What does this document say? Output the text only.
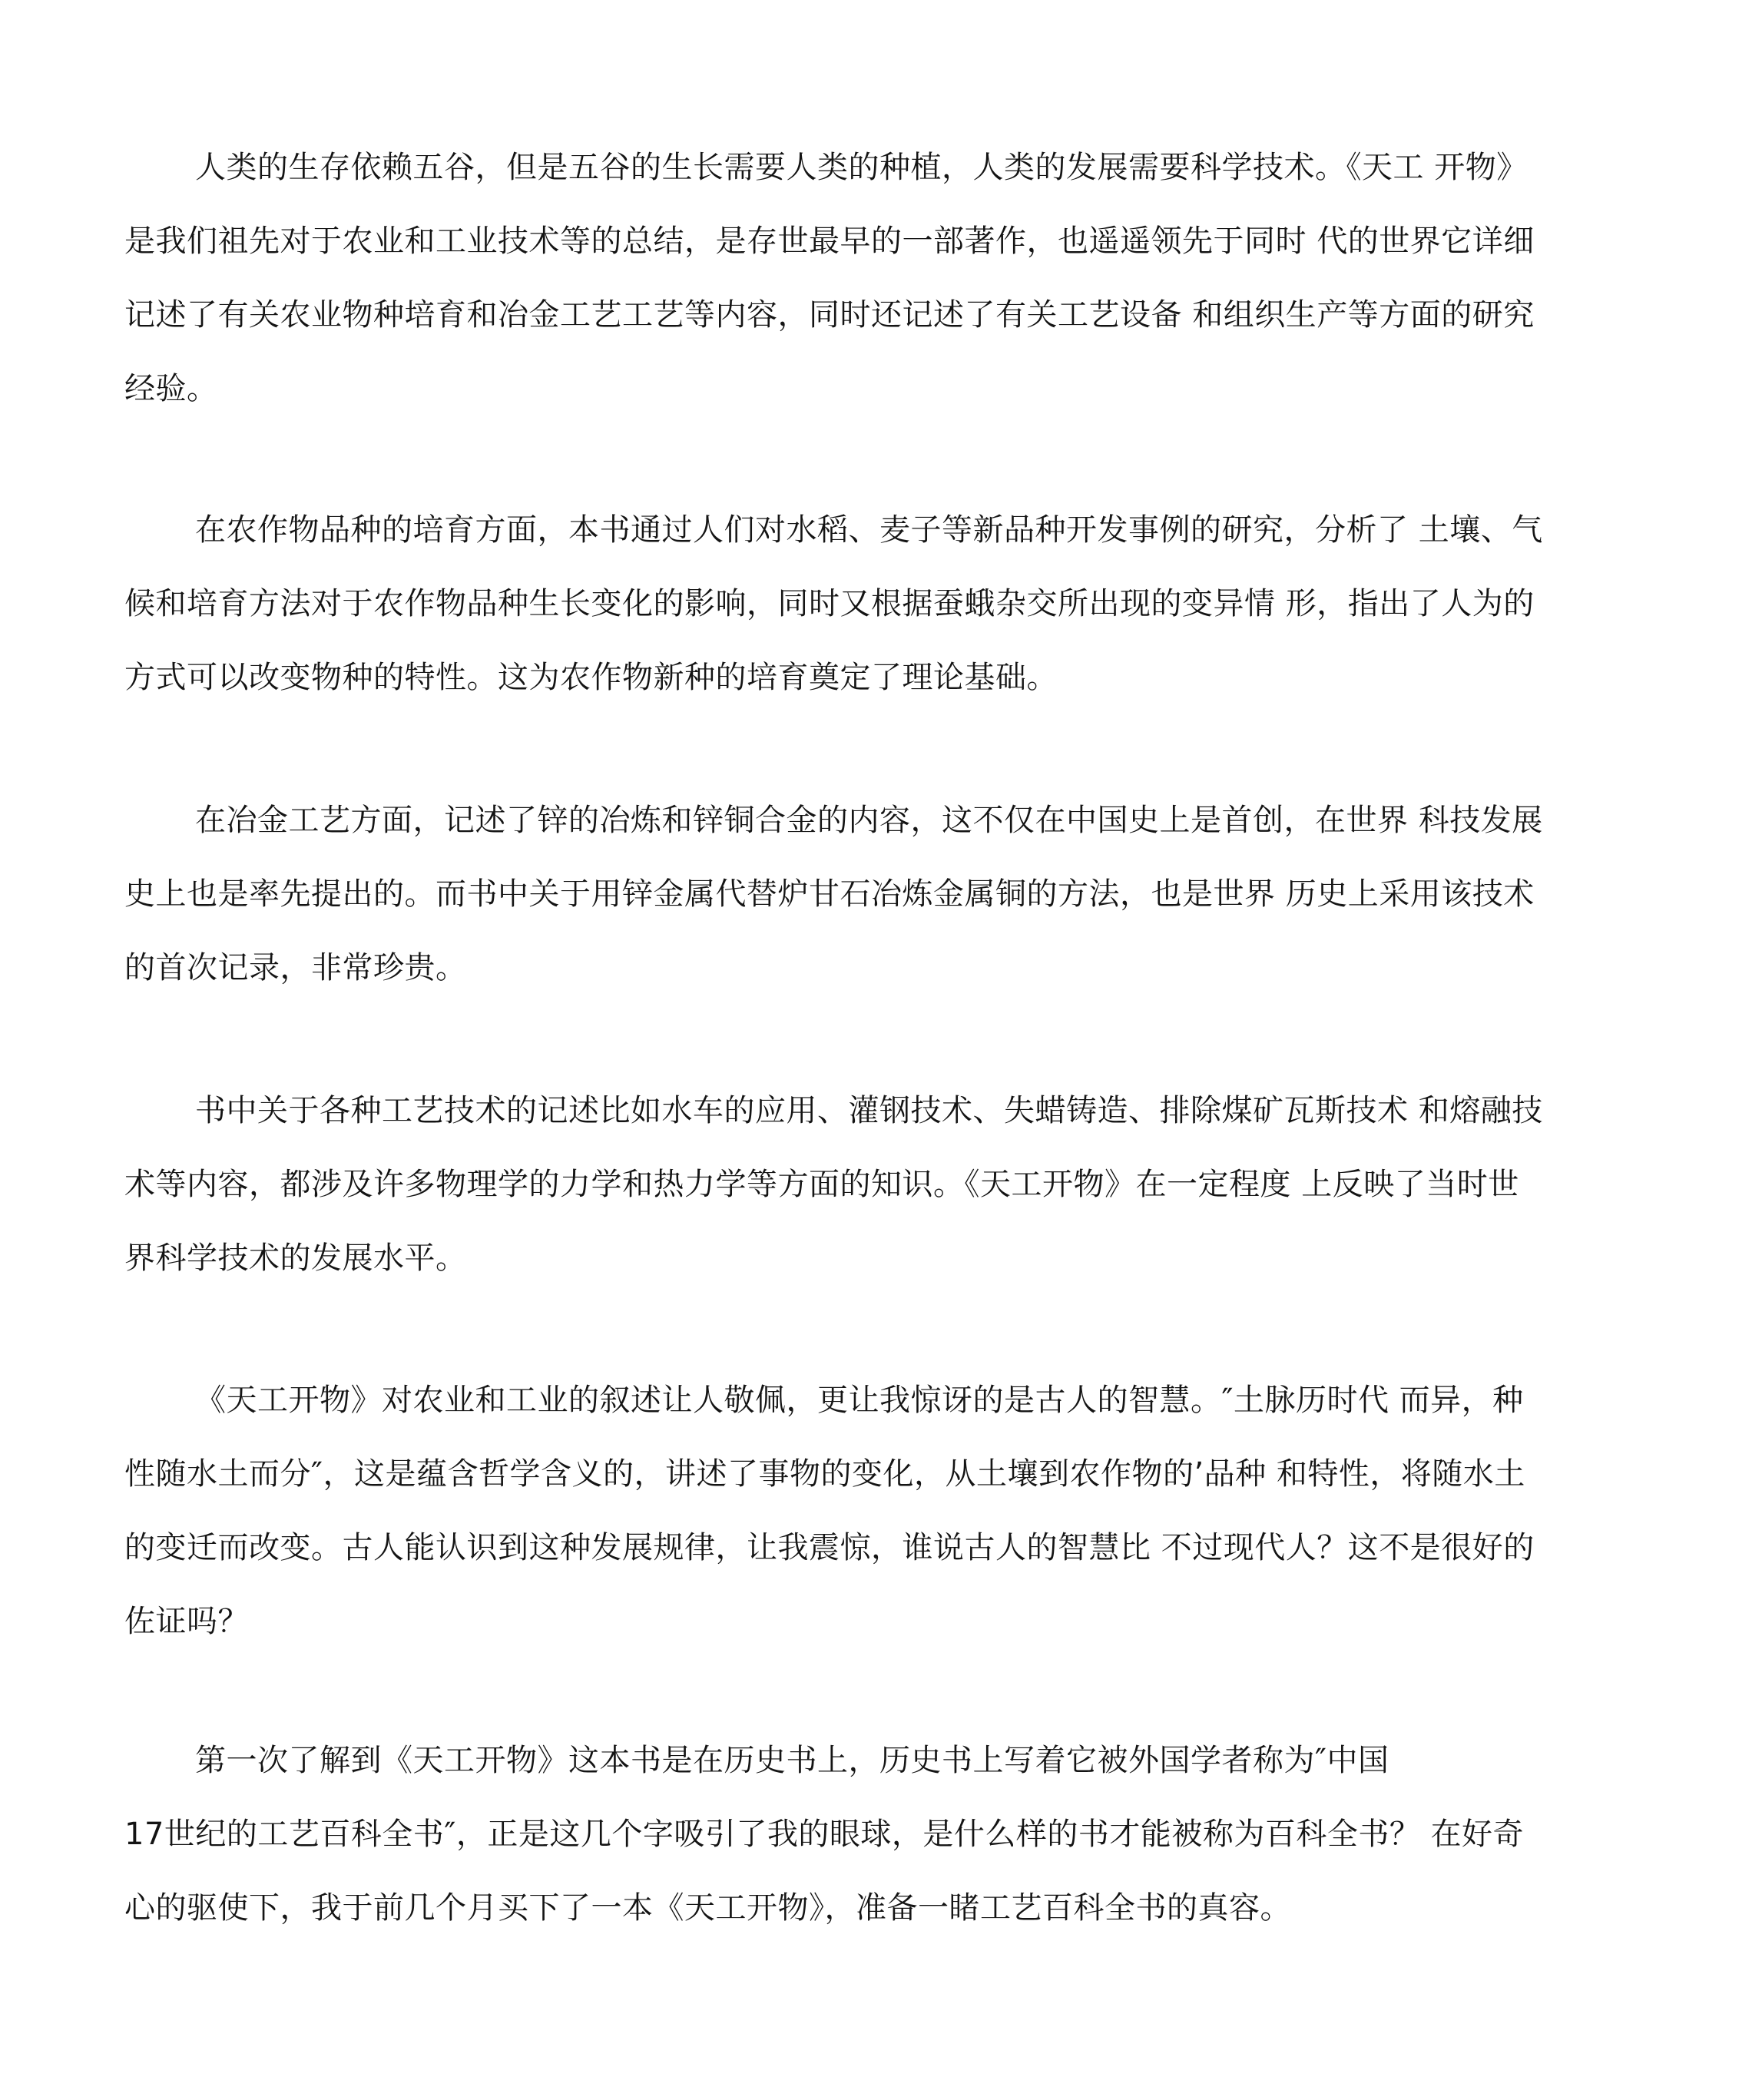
人类的生存依赖五谷，但是五谷的生长需要人类的种植，人类的发展需要科学技术。《天工 开物》
是我们祖先对于农业和工业技术等的总结，是存世最早的一部著作，也遥遥领先于同时 代的世界它详细
记述了有关农业物种培育和冶金工艺工艺等内容，同时还记述了有关工艺设备 和组织生产等方面的研究
经验。
在农作物品种的培育方面，本书通过人们对水稻、麦子等新品种开发事例的研究，分析了 土壤、气
候和培育方法对于农作物品种生长变化的影响，同时又根据蚕蛾杂交所出现的变异情 形，指出了人为的
方式可以改变物种的特性。这为农作物新种的培育奠定了理论基础。
在冶金工艺方面，记述了锌的冶炼和锌铜合金的内容，这不仅在中国史上是首创，在世界 科技发展
史上也是率先提出的。而书中关于用锌金属代替炉甘石冶炼金属铜的方法，也是世界 历史上采用该技术
的首次记录，非常珍贵。
书中关于各种工艺技术的记述比如水车的应用、灌钢技术、失蜡铸造、排除煤矿瓦斯技术 和熔融技
术等内容，都涉及许多物理学的力学和热力学等方面的知识。《天工开物》在一定程度 上反映了当时世
界科学技术的发展水平。
《天工开物》对农业和工业的叙述让人敬佩，更让我惊讶的是古人的智慧。″土脉历时代 而异，种
性随水土而分″，这是蕴含哲学含义的，讲述了事物的变化，从土壤到农作物的’品种 和特性，将随水土
的变迁而改变。古人能认识到这种发展规律，让我震惊，谁说古人的智慧比 不过现代人？这不是很好的
佐证吗？
第一次了解到《天工开物》这本书是在历史书上，历史书上写着它被外国学者称为″中国
17世纪的工艺百科全书″，正是这几个字吸引了我的眼球，是什么样的书才能被称为百科全书？ 在好奇
心的驱使下，我于前几个月买下了一本《天工开物》，准备一睹工艺百科全书的真容。
